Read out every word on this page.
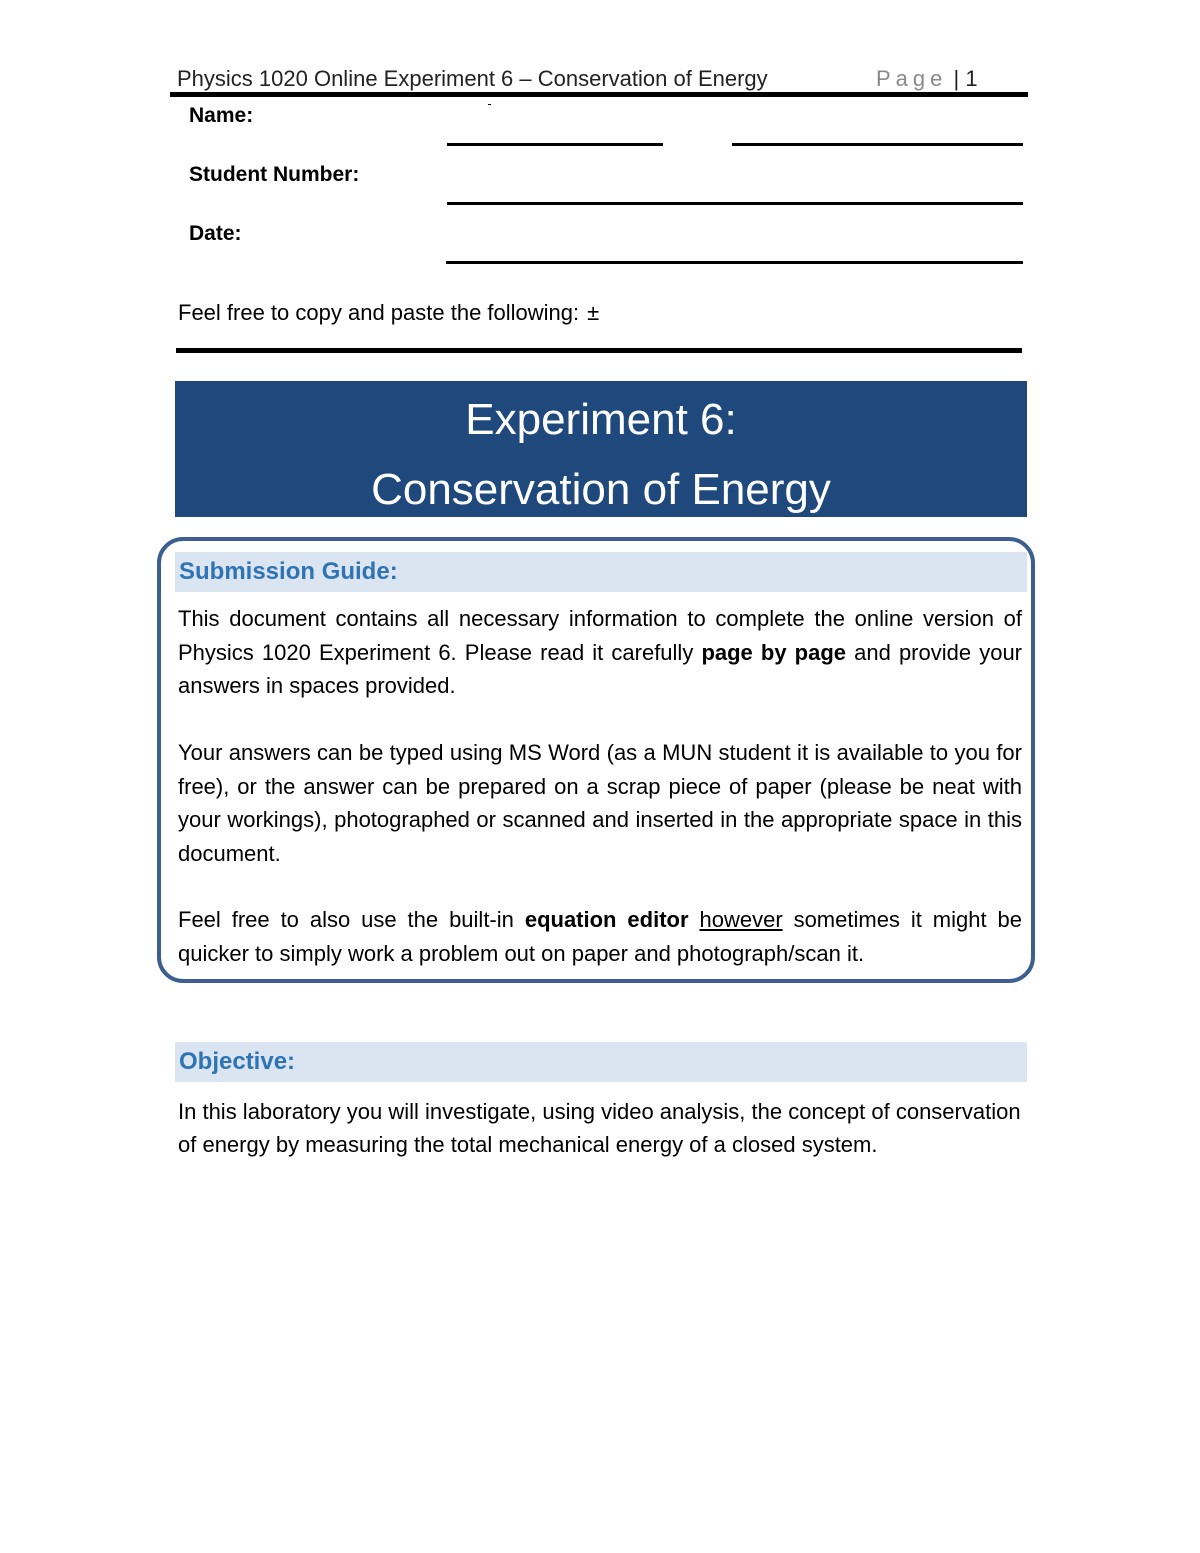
Physics 1020 Online Experiment 6 – Conservation of Energy	Page | 1
Name:
Student Number:
Date:
Feel free to copy and paste the following: ±
Experiment 6:
Conservation of Energy
Submission Guide:

This document contains all necessary information to complete the online version of Physics 1020 Experiment 6. Please read it carefully page by page and provide your answers in spaces provided.

Your answers can be typed using MS Word (as a MUN student it is available to you for free), or the answer can be prepared on a scrap piece of paper (please be neat with your workings), photographed or scanned and inserted in the appropriate space in this document.

Feel free to also use the built-in equation editor however sometimes it might be quicker to simply work a problem out on paper and photograph/scan it.

Objective:
In this laboratory you will investigate, using video analysis, the concept of conservation of energy by measuring the total mechanical energy of a closed system.
